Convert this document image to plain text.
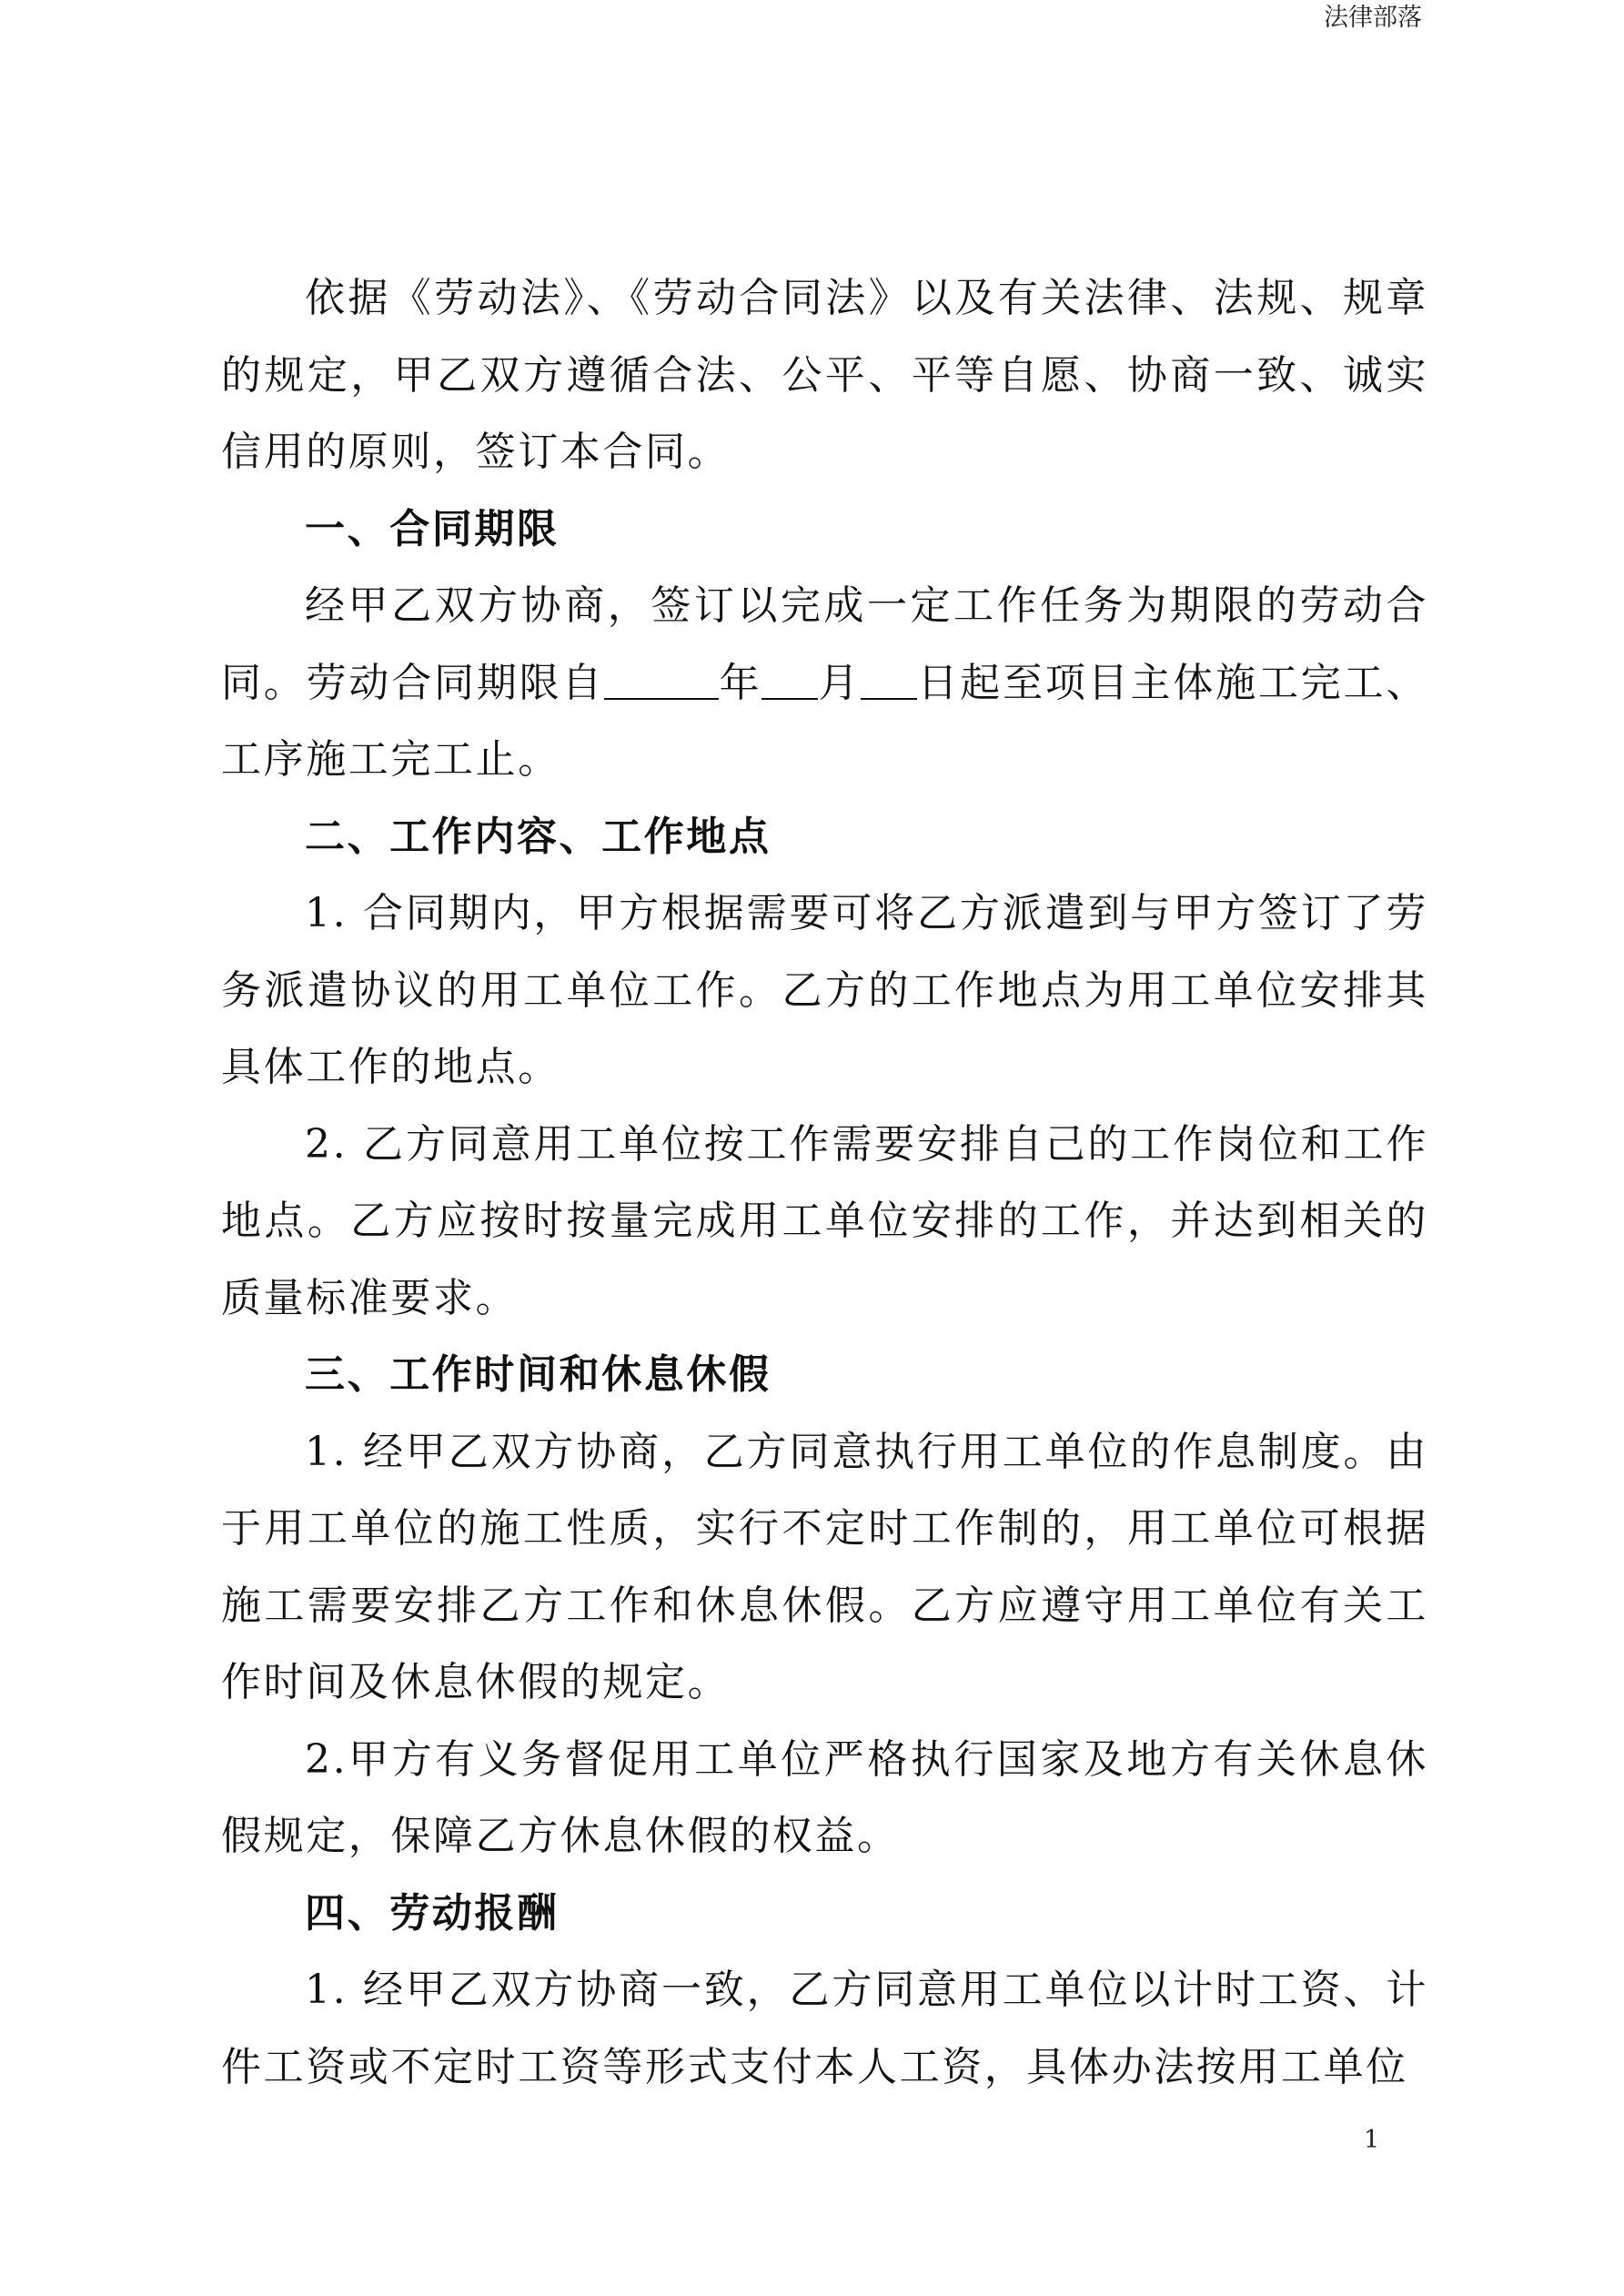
法律部落

依据《劳动法》、《劳动合同法》以及有关法律、法规、规章的规定，甲乙双方遵循合法、公平、平等自愿、协商一致、诚实信用的原则，签订本合同。

一、合同期限

经甲乙双方协商，签订以完成一定工作任务为期限的劳动合同。劳动合同期限自	年 月 日起至项目主体施工完工、工序施工完工止。

二、工作内容、工作地点

1. 合同期内，甲方根据需要可将乙方派遣到与甲方签订了劳务派遣协议的用工单位工作。乙方的工作地点为用工单位安排其具体工作的地点。

2. 乙方同意用工单位按工作需要安排自己的工作岗位和工作地点。乙方应按时按量完成用工单位安排的工作，并达到相关的质量标准要求。

三、工作时间和休息休假

1. 经甲乙双方协商，乙方同意执行用工单位的作息制度。由于用工单位的施工性质，实行不定时工作制的，用工单位可根据施工需要安排乙方工作和休息休假。乙方应遵守用工单位有关工作时间及休息休假的规定。

2.甲方有义务督促用工单位严格执行国家及地方有关休息休假规定，保障乙方休息休假的权益。

四、劳动报酬

1. 经甲乙双方协商一致，乙方同意用工单位以计时工资、计件工资或不定时工资等形式支付本人工资，具体办法按用工单位

1
